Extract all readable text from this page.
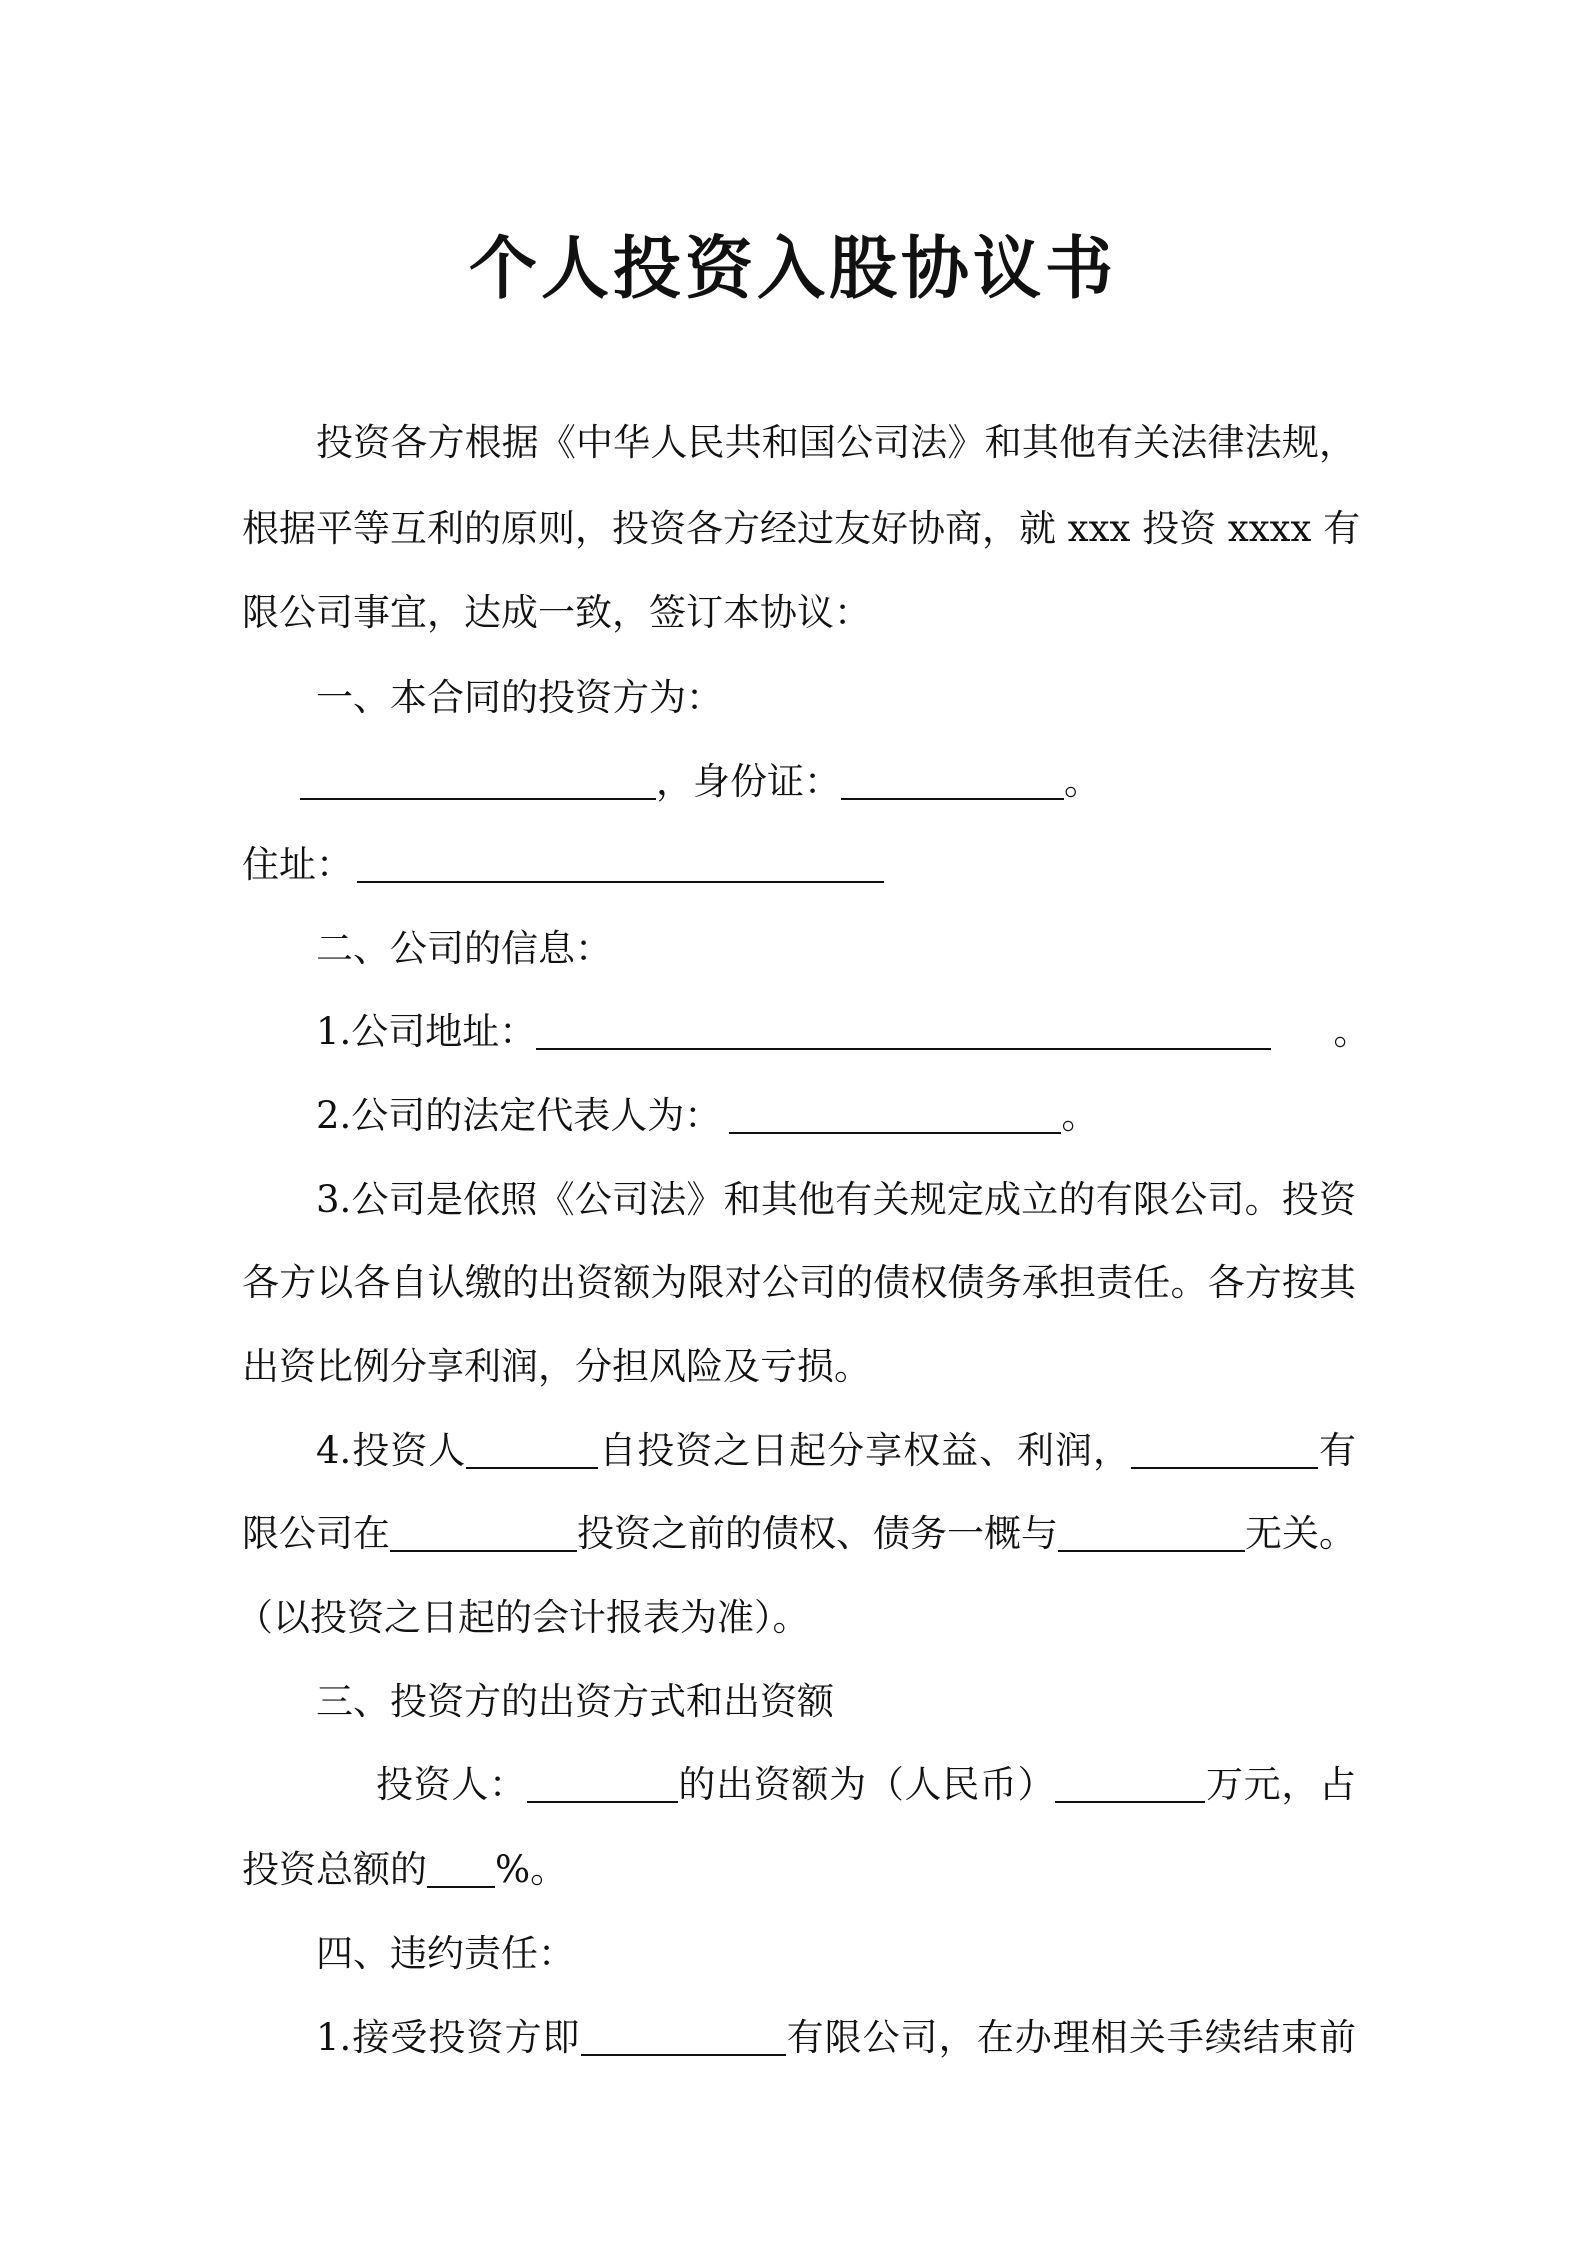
个人投资入股协议书
投资各方根据《中华人民共和国公司法》和其他有关法律法规，
根据平等互利的原则，投资各方经过友好协商，就 xxx 投资 xxxx 有
限公司事宜，达成一致，签订本协议：
一、本合同的投资方为：
，身份证：	。
住址：
二、公司的信息：
1.公司地址：	。
2.公司的法定代表人为：	。
3.公司是依照《公司法》和其他有关规定成立的有限公司。投资
各方以各自认缴的出资额为限对公司的债权债务承担责任。各方按其
出资比例分享利润，分担风险及亏损。
4.投资人	自投资之日起分享权益、利润，	有
限公司在	投资之前的债权、债务一概与	无关。
（以投资之日起的会计报表为准）。
三、投资方的出资方式和出资额
投资人：	的出资额为（人民币）	万元，占
投资总额的 %。
四、违约责任：
1.接受投资方即	有限公司，在办理相关手续结束前
